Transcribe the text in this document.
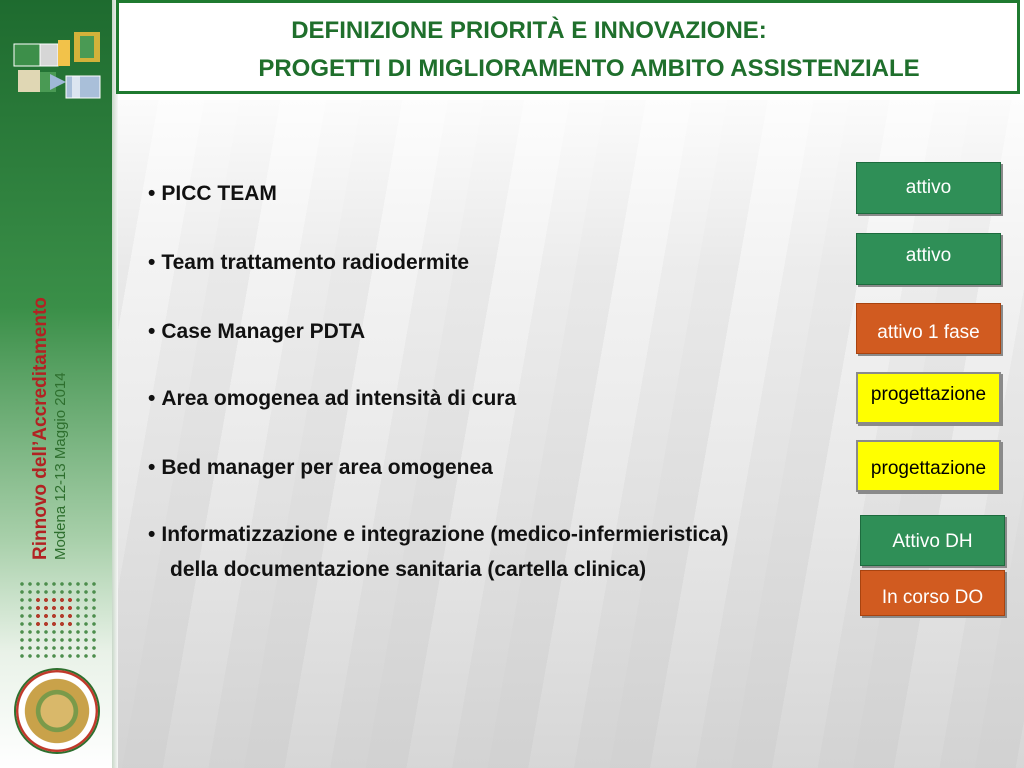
Rinnovo dell’Accreditamento Modena 12-13 Maggio 2014
DEFINIZIONE PRIORITÀ E INNOVAZIONE:
PROGETTI DI MIGLIORAMENTO AMBITO ASSISTENZIALE
• PICC TEAM
• Team trattamento radiodermite
• Case Manager PDTA
• Area omogenea ad intensità di cura
• Bed manager per area omogenea
• Informatizzazione e integrazione (medico-infermieristica)
della documentazione sanitaria (cartella clinica)
attivo
attivo
attivo 1 fase
progettazione
progettazione
Attivo DH
In corso DO
